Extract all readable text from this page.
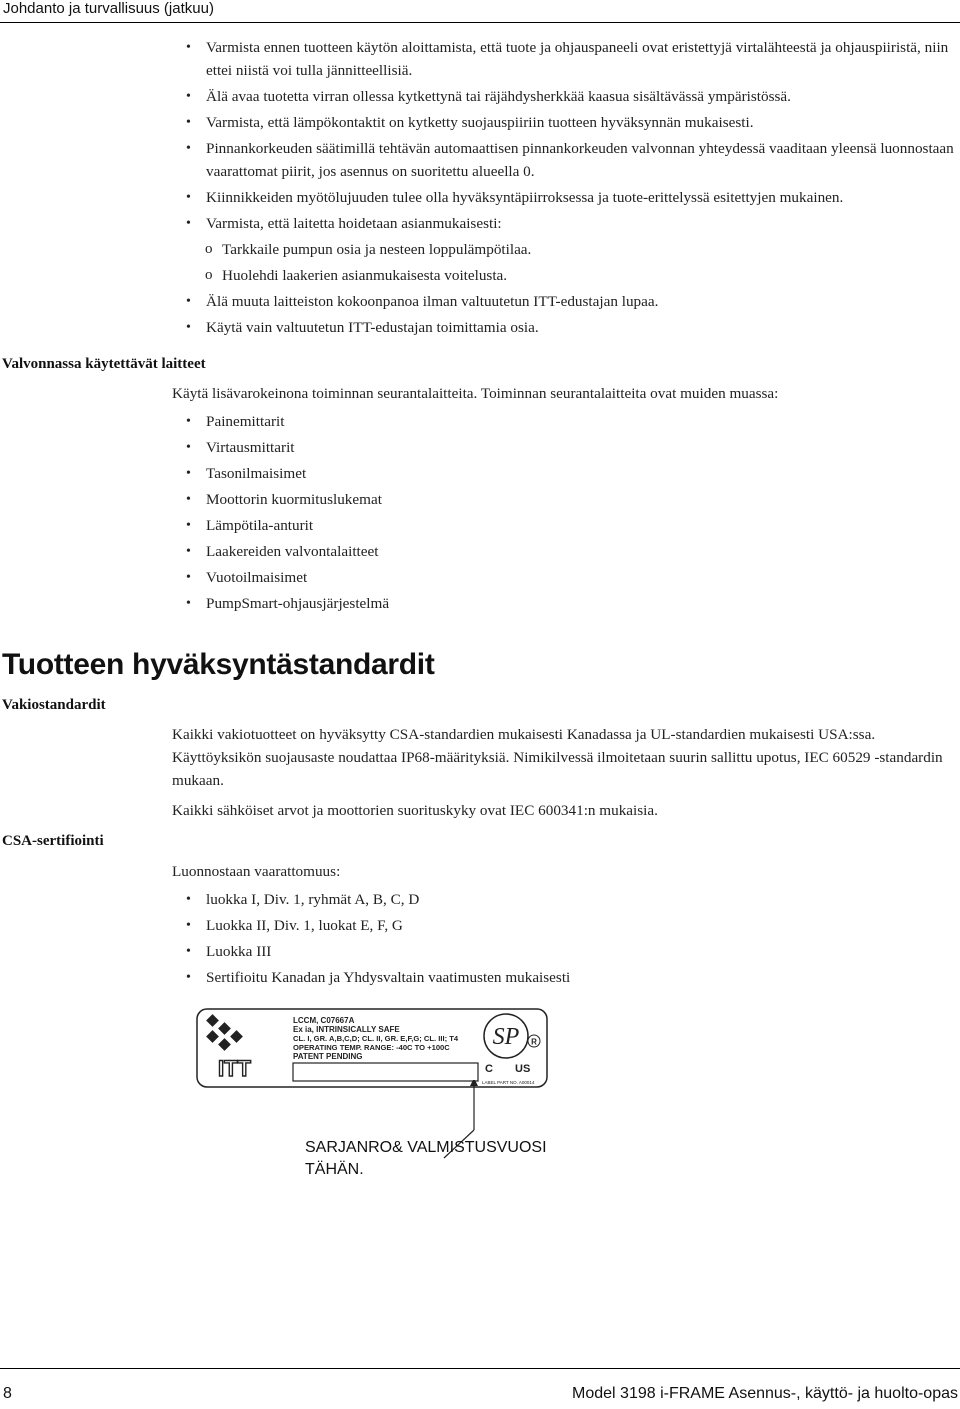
Johdanto ja turvallisuus (jatkuu)
• Varmista ennen tuotteen käytön aloittamista, että tuote ja ohjauspaneeli ovat eristettyjä virtalähteestä ja ohjauspiiristä, niin ettei niistä voi tulla jännitteellisiä.
• Älä avaa tuotetta virran ollessa kytkettynä tai räjähdysherkkää kaasua sisältävässä ympäristössä.
• Varmista, että lämpökontaktit on kytketty suojauspiiriin tuotteen hyväksynnän mukaisesti.
• Pinnankorkeuden säätimillä tehtävän automaattisen pinnankorkeuden valvonnan yhteydessä vaaditaan yleensä luonnostaan vaarattomat piirit, jos asennus on suoritettu alueella 0.
• Kiinnikkeiden myötölujuuden tulee olla hyväksyntäpiirroksessa ja tuote-erittelyssä esitettyjen mukainen.
• Varmista, että laitetta hoidetaan asianmukaisesti:
o Tarkkaile pumpun osia ja nesteen loppulämpötilaa.
o Huolehdi laakerien asianmukaisesta voitelusta.
• Älä muuta laitteiston kokoonpanoa ilman valtuutetun ITT-edustajan lupaa.
• Käytä vain valtuutetun ITT-edustajan toimittamia osia.
Valvonnassa käytettävät laitteet

Käytä lisävarokeinona toiminnan seurantalaitteita. Toiminnan seurantalaitteita ovat muiden muassa:

• Painemittarit
• Virtausmittarit
• Tasonilmaisimet
• Moottorin kuormituslukemat
• Lämpötila-anturit
• Laakereiden valvontalaitteet
• Vuotoilmaisimet
• PumpSmart-ohjausjärjestelmä
Tuotteen hyväksyntästandardit
Vakiostandardit

Kaikki vakiotuotteet on hyväksytty CSA-standardien mukaisesti Kanadassa ja UL-standardien mukaisesti USA:ssa. Käyttöyksikön suojausaste noudattaa IP68-määrityksiä. Nimikilvessä ilmoitetaan suurin sallittu upotus, IEC 60529 -standardin mukaan.

Kaikki sähköiset arvot ja moottorien suorituskyky ovat IEC 600341:n mukaisia.

CSA-sertifiointi

Luonnostaan vaarattomuus:

• luokka I, Div. 1, ryhmät A, B, C, D
• Luokka II, Div. 1, luokat E, F, G
• Luokka III
• Sertifioitu Kanadan ja Yhdysvaltain vaatimusten mukaisesti
ITT
LCCM, C07667A
Ex ia, INTRINSICALLY SAFE
CL. I, GR. A,B,C,D; CL. II, GR. E,F,G; CL. III; T4
OPERATING TEMP. RANGE: -40C TO +100C
PATENT PENDING
SP R
C US
LABEL PART NO. A00014
SARJANRO& VALMISTUSVUOSI
TÄHÄN.
8	Model 3198 i-FRAME Asennus-, käyttö- ja huolto-opas
